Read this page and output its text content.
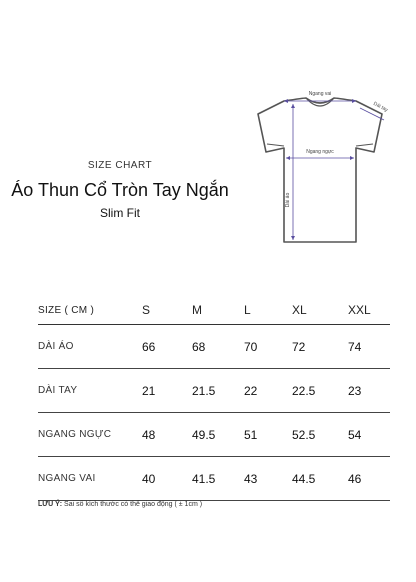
SIZE CHART
Áo Thun Cổ Tròn Tay Ngắn
Slim Fit
Ngang vai
Dài tay
Ngang ngực
Dài áo
SIZE ( CM )	S	M	L	XL	XXL
DÀI ÁO	66	68	70	72	74
DÀI TAY	21	21.5	22	22.5	23
NGANG NGỰC	48	49.5	51	52.5	54
NGANG VAI	40	41.5	43	44.5	46
LƯU Ý: Sai số kích thước có thể giao động ( ± 1cm )
